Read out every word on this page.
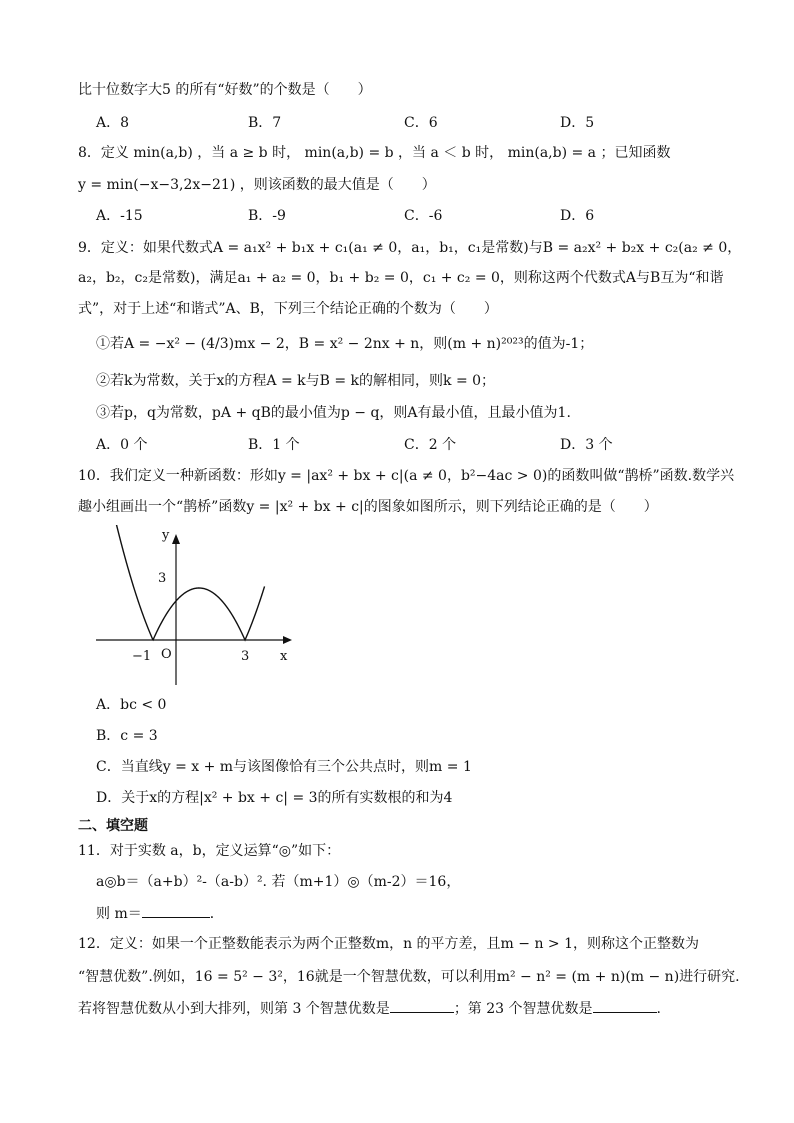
比十位数字大5 的所有“好数”的个数是（　　）
A．8	B．7	C．6	D．5
8．定义 min(a,b) ，当 a ≥ b 时， min(a,b) = b ，当 a ＜ b 时， min(a,b) = a ；已知函数
y = min(−x−3,2x−21) ，则该函数的最大值是（　　）
A．-15	B．-9	C．-6	D．6
9．定义：如果代数式A = a₁x² + b₁x + c₁(a₁ ≠ 0，a₁，b₁，c₁是常数)与B = a₂x² + b₂x + c₂(a₂ ≠ 0，
a₂，b₂，c₂是常数)，满足a₁ + a₂ = 0，b₁ + b₂ = 0，c₁ + c₂ = 0，则称这两个代数式A与B互为“和谐
式”，对于上述“和谐式”A、B，下列三个结论正确的个数为（　　）
①若A = −x² − (4/3)mx − 2，B = x² − 2nx + n，则(m + n)²⁰²³的值为-1；
②若k为常数，关于x的方程A = k与B = k的解相同，则k = 0；
③若p，q为常数，pA + qB的最小值为p − q，则A有最小值，且最小值为1.
A．0 个	B．1 个	C．2 个	D．3 个
10．我们定义一种新函数：形如y = |ax² + bx + c|(a ≠ 0，b²−4ac > 0)的函数叫做“鹊桥”函数.数学兴
趣小组画出一个“鹊桥”函数y = |x² + bx + c|的图象如图所示，则下列结论正确的是（　　）
y
x
O
3
−1	3
A．bc < 0
B．c = 3
C．当直线y = x + m与该图像恰有三个公共点时，则m = 1
D．关于x的方程|x² + bx + c| = 3的所有实数根的和为4
二、填空题
11．对于实数 a，b，定义运算“◎”如下：
a◎b＝（a+b）²-（a-b）². 若（m+1）◎（m-2）＝16，
则 m＝	．
12．定义：如果一个正整数能表示为两个正整数m，n 的平方差，且m − n > 1，则称这个正整数为
“智慧优数”.例如，16 = 5² − 3²，16就是一个智慧优数，可以利用m² − n² = (m + n)(m − n)进行研究.
若将智慧优数从小到大排列，则第 3 个智慧优数是	；第 23 个智慧优数是	.
